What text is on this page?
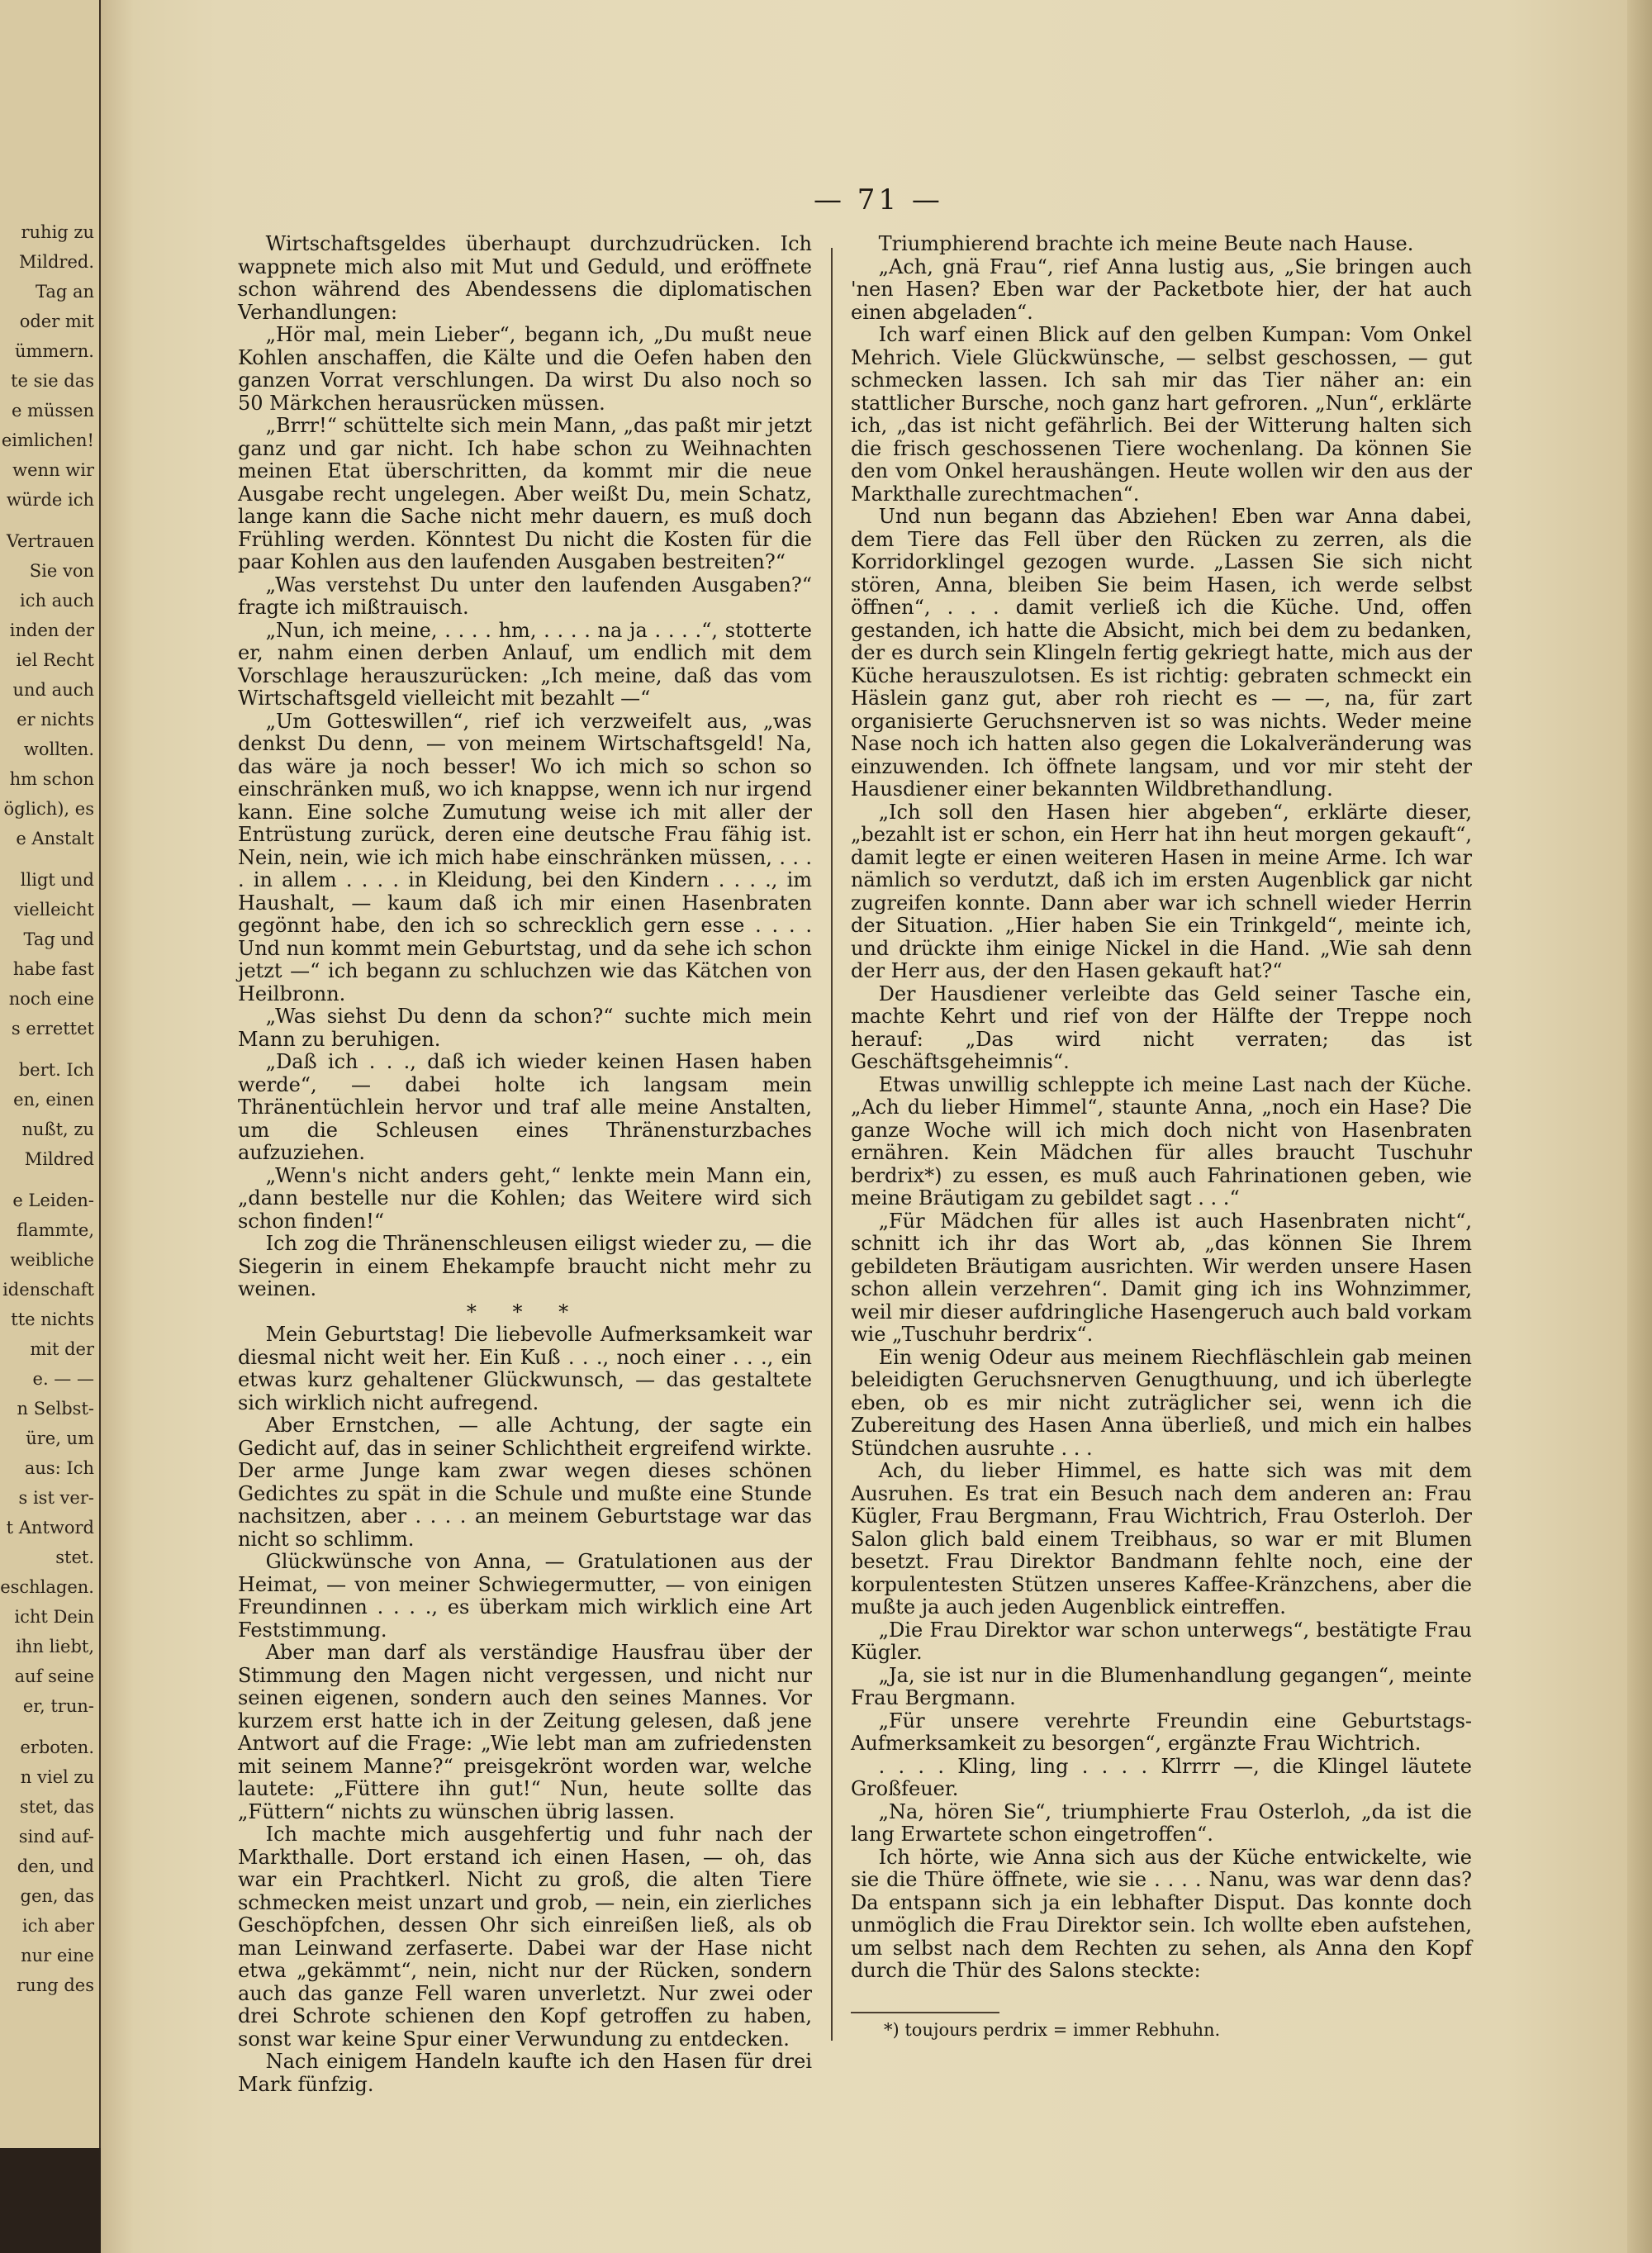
ruhig zu
Mildred.
Tag an
oder mit
ümmern.
te sie das
e müssen
eimlichen!
wenn wir
würde ich
Vertrauen
Sie von
ich auch
inden der
iel Recht
und auch
er nichts
wollten.
hm schon
öglich), es
e Anstalt
lligt und
vielleicht
Tag und
habe fast
noch eine
s errettet
bert. Ich
en, einen
nußt, zu
Mildred
e Leiden-
flammte,
weibliche
idenschaft
tte nichts
mit der
e. — —
n Selbst-
üre, um
aus: Ich
s ist ver-
t Antword
stet.
eschlagen.
icht Dein
ihn liebt,
auf seine
er, trun-
erboten.
n viel zu
stet, das
sind auf-
den, und
gen, das
ich aber
nur eine
rung des
— 71 —

Wirtschaftsgeldes überhaupt durchzudrücken. Ich wappnete mich also mit Mut und Geduld, und eröffnete schon während des Abendessens die diplomatischen Verhandlungen:

„Hör mal, mein Lieber“, begann ich, „Du mußt neue Kohlen anschaffen, die Kälte und die Oefen haben den ganzen Vorrat verschlungen. Da wirst Du also noch so 50 Märkchen herausrücken müssen.

„Brrr!“ schüttelte sich mein Mann, „das paßt mir jetzt ganz und gar nicht. Ich habe schon zu Weihnachten meinen Etat überschritten, da kommt mir die neue Ausgabe recht ungelegen. Aber weißt Du, mein Schatz, lange kann die Sache nicht mehr dauern, es muß doch Frühling werden. Könntest Du nicht die Kosten für die paar Kohlen aus den laufenden Ausgaben bestreiten?“

„Was verstehst Du unter den laufenden Ausgaben?“ fragte ich mißtrauisch.

„Nun, ich meine, . . . . hm, . . . . na ja . . . .“, stotterte er, nahm einen derben Anlauf, um endlich mit dem Vorschlage herauszurücken: „Ich meine, daß das vom Wirtschaftsgeld vielleicht mit bezahlt —“

„Um Gotteswillen“, rief ich verzweifelt aus, „was denkst Du denn, — von meinem Wirtschaftsgeld! Na, das wäre ja noch besser! Wo ich mich so schon so einschränken muß, wo ich knappse, wenn ich nur irgend kann. Eine solche Zumutung weise ich mit aller der Entrüstung zurück, deren eine deutsche Frau fähig ist. Nein, nein, wie ich mich habe einschränken müssen, . . . . in allem . . . . in Kleidung, bei den Kindern . . . ., im Haushalt, — kaum daß ich mir einen Hasenbraten gegönnt habe, den ich so schrecklich gern esse . . . . Und nun kommt mein Geburtstag, und da sehe ich schon jetzt —“ ich begann zu schluchzen wie das Kätchen von Heilbronn.

„Was siehst Du denn da schon?“ suchte mich mein Mann zu beruhigen.

„Daß ich . . ., daß ich wieder keinen Hasen haben werde“, — dabei holte ich langsam mein Thränentüchlein hervor und traf alle meine Anstalten, um die Schleusen eines Thränensturzbaches aufzuziehen.

„Wenn's nicht anders geht,“ lenkte mein Mann ein, „dann bestelle nur die Kohlen; das Weitere wird sich schon finden!“

Ich zog die Thränenschleusen eiligst wieder zu, — die Siegerin in einem Ehekampfe braucht nicht mehr zu weinen.

* * *

Mein Geburtstag! Die liebevolle Aufmerksamkeit war diesmal nicht weit her. Ein Kuß . . ., noch einer . . ., ein etwas kurz gehaltener Glückwunsch, — das gestaltete sich wirklich nicht aufregend.

Aber Ernstchen, — alle Achtung, der sagte ein Gedicht auf, das in seiner Schlichtheit ergreifend wirkte. Der arme Junge kam zwar wegen dieses schönen Gedichtes zu spät in die Schule und mußte eine Stunde nachsitzen, aber . . . . an meinem Geburtstage war das nicht so schlimm.

Glückwünsche von Anna, — Gratulationen aus der Heimat, — von meiner Schwiegermutter, — von einigen Freundinnen . . . ., es überkam mich wirklich eine Art Feststimmung.

Aber man darf als verständige Hausfrau über der Stimmung den Magen nicht vergessen, und nicht nur seinen eigenen, sondern auch den seines Mannes. Vor kurzem erst hatte ich in der Zeitung gelesen, daß jene Antwort auf die Frage: „Wie lebt man am zufriedensten mit seinem Manne?“ preisgekrönt worden war, welche lautete: „Füttere ihn gut!“ Nun, heute sollte das „Füttern“ nichts zu wünschen übrig lassen.

Ich machte mich ausgehfertig und fuhr nach der Markthalle. Dort erstand ich einen Hasen, — oh, das war ein Prachtkerl. Nicht zu groß, die alten Tiere schmecken meist unzart und grob, — nein, ein zierliches Geschöpfchen, dessen Ohr sich einreißen ließ, als ob man Leinwand zerfaserte. Dabei war der Hase nicht etwa „gekämmt“, nein, nicht nur der Rücken, sondern auch das ganze Fell waren unverletzt. Nur zwei oder drei Schrote schienen den Kopf getroffen zu haben, sonst war keine Spur einer Verwundung zu entdecken.

Nach einigem Handeln kaufte ich den Hasen für drei Mark fünfzig.

Triumphierend brachte ich meine Beute nach Hause.

„Ach, gnä Frau“, rief Anna lustig aus, „Sie bringen auch 'nen Hasen? Eben war der Packetbote hier, der hat auch einen abgeladen“.

Ich warf einen Blick auf den gelben Kumpan: Vom Onkel Mehrich. Viele Glückwünsche, — selbst geschossen, — gut schmecken lassen. Ich sah mir das Tier näher an: ein stattlicher Bursche, noch ganz hart gefroren. „Nun“, erklärte ich, „das ist nicht gefährlich. Bei der Witterung halten sich die frisch geschossenen Tiere wochenlang. Da können Sie den vom Onkel heraushängen. Heute wollen wir den aus der Markthalle zurechtmachen“.

Und nun begann das Abziehen! Eben war Anna dabei, dem Tiere das Fell über den Rücken zu zerren, als die Korridorklingel gezogen wurde. „Lassen Sie sich nicht stören, Anna, bleiben Sie beim Hasen, ich werde selbst öffnen“, . . . damit verließ ich die Küche. Und, offen gestanden, ich hatte die Absicht, mich bei dem zu bedanken, der es durch sein Klingeln fertig gekriegt hatte, mich aus der Küche herauszulotsen. Es ist richtig: gebraten schmeckt ein Häslein ganz gut, aber roh riecht es — —, na, für zart organisierte Geruchsnerven ist so was nichts. Weder meine Nase noch ich hatten also gegen die Lokalveränderung was einzuwenden. Ich öffnete langsam, und vor mir steht der Hausdiener einer bekannten Wildbrethandlung.

„Ich soll den Hasen hier abgeben“, erklärte dieser, „bezahlt ist er schon, ein Herr hat ihn heut morgen gekauft“, damit legte er einen weiteren Hasen in meine Arme. Ich war nämlich so verdutzt, daß ich im ersten Augenblick gar nicht zugreifen konnte. Dann aber war ich schnell wieder Herrin der Situation. „Hier haben Sie ein Trinkgeld“, meinte ich, und drückte ihm einige Nickel in die Hand. „Wie sah denn der Herr aus, der den Hasen gekauft hat?“

Der Hausdiener verleibte das Geld seiner Tasche ein, machte Kehrt und rief von der Hälfte der Treppe noch herauf: „Das wird nicht verraten; das ist Geschäftsgeheimnis“.

Etwas unwillig schleppte ich meine Last nach der Küche. „Ach du lieber Himmel“, staunte Anna, „noch ein Hase? Die ganze Woche will ich mich doch nicht von Hasenbraten ernähren. Kein Mädchen für alles braucht Tuschuhr berdrix*) zu essen, es muß auch Fahrinationen geben, wie meine Bräutigam zu gebildet sagt . . .“

„Für Mädchen für alles ist auch Hasenbraten nicht“, schnitt ich ihr das Wort ab, „das können Sie Ihrem gebildeten Bräutigam ausrichten. Wir werden unsere Hasen schon allein verzehren“. Damit ging ich ins Wohnzimmer, weil mir dieser aufdringliche Hasengeruch auch bald vorkam wie „Tuschuhr berdrix“.

Ein wenig Odeur aus meinem Riechfläschlein gab meinen beleidigten Geruchsnerven Genugthuung, und ich überlegte eben, ob es mir nicht zuträglicher sei, wenn ich die Zubereitung des Hasen Anna überließ, und mich ein halbes Stündchen ausruhte . . .

Ach, du lieber Himmel, es hatte sich was mit dem Ausruhen. Es trat ein Besuch nach dem anderen an: Frau Kügler, Frau Bergmann, Frau Wichtrich, Frau Osterloh. Der Salon glich bald einem Treibhaus, so war er mit Blumen besetzt. Frau Direktor Bandmann fehlte noch, eine der korpulentesten Stützen unseres Kaffee-Kränzchens, aber die mußte ja auch jeden Augenblick eintreffen.

„Die Frau Direktor war schon unterwegs“, bestätigte Frau Kügler.

„Ja, sie ist nur in die Blumenhandlung gegangen“, meinte Frau Bergmann.

„Für unsere verehrte Freundin eine Geburtstags-Aufmerksamkeit zu besorgen“, ergänzte Frau Wichtrich.

. . . . Kling, ling . . . . Klrrrr —, die Klingel läutete Großfeuer.

„Na, hören Sie“, triumphierte Frau Osterloh, „da ist die lang Erwartete schon eingetroffen“.

Ich hörte, wie Anna sich aus der Küche entwickelte, wie sie die Thüre öffnete, wie sie . . . . Nanu, was war denn das? Da entspann sich ja ein lebhafter Disput. Das konnte doch unmöglich die Frau Direktor sein. Ich wollte eben aufstehen, um selbst nach dem Rechten zu sehen, als Anna den Kopf durch die Thür des Salons steckte:

*) toujours perdrix = immer Rebhuhn.
